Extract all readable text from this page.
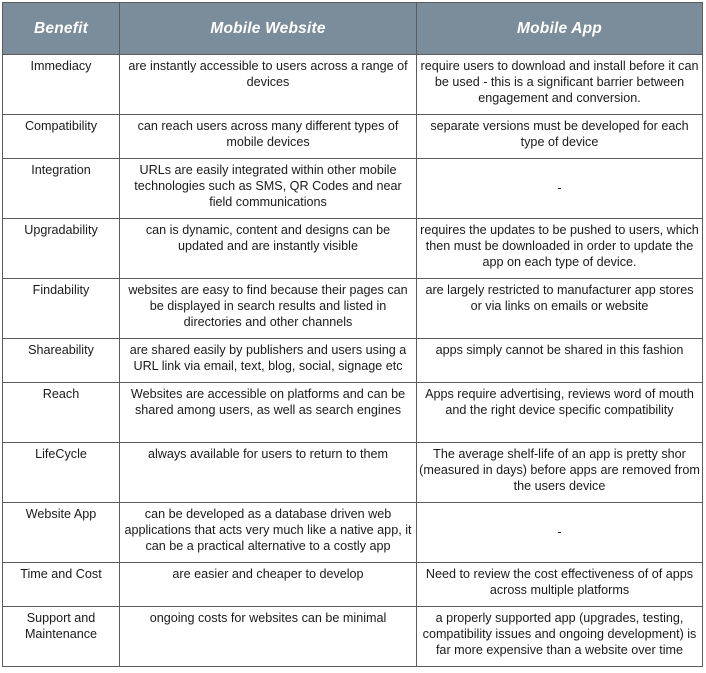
Benefit	Mobile Website	Mobile App
Immediacy	are instantly accessible to users across a range of devices	require users to download and install before it can be used - this is a significant barrier between engagement and conversion.
Compatibility	can reach users across many different types of mobile devices	separate versions must be developed for each type of device
Integration	URLs are easily integrated within other mobile technologies such as SMS, QR Codes and near field communications	-
Upgradability	can is dynamic, content and designs can be updated and are instantly visible	requires the updates to be pushed to users, which then must be downloaded in order to update the app on each type of device.
Findability	websites are easy to find because their pages can be displayed in search results and listed in directories and other channels	are largely restricted to manufacturer app stores or via links on emails or website
Shareability	are shared easily by publishers and users using a URL link via email, text, blog, social, signage etc	apps simply cannot be shared in this fashion
Reach	Websites are accessible on platforms and can be shared among users, as well as search engines	Apps require advertising, reviews word of mouth and the right device specific compatibility
LifeCycle	always available for users to return to them	The average shelf-life of an app is pretty shor (measured in days) before apps are removed from the users device
Website App	can be developed as a database driven web applications that acts very much like a native app, it can be a practical alternative to a costly app	-
Time and Cost	are easier and cheaper to develop	Need to review the cost effectiveness of of apps across multiple platforms
Support and Maintenance	ongoing costs for websites can be minimal	a properly supported app (upgrades, testing, compatibility issues and ongoing development) is far more expensive than a website over time
